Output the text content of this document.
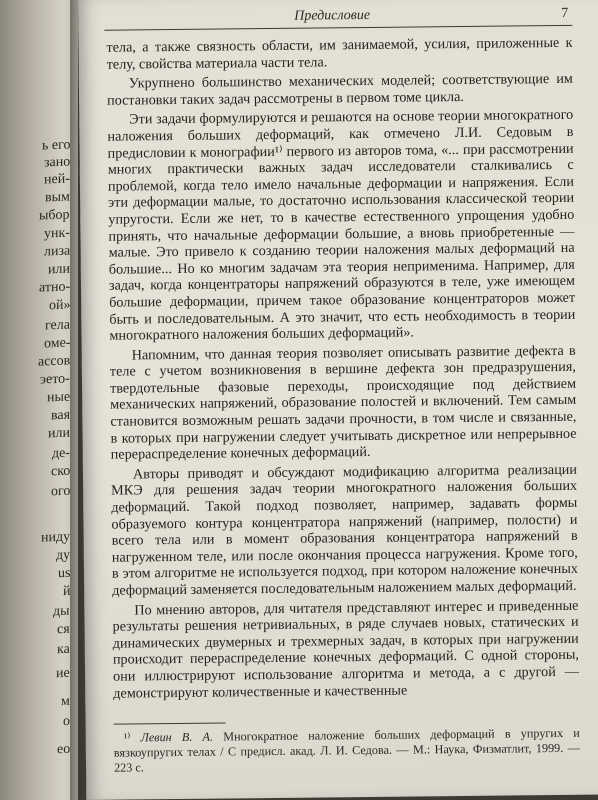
ь его
зано
ней-
вым
ыбор
унк-
лиза
или
атно-
ой»
гела
оме-
ассов
эето-
ные
вая
или
де-
ско
ого
ниду
ду
us
й
ды
ся
ка
ие
м
о
ео
Предисловие	7

тела, а также связность области, им занимаемой, усилия, приложенные к телу, свойства материала части тела.

Укрупнено большинство механических моделей; соответствующие им постановки таких задач рассмотрены в первом томе цикла.

Эти задачи формулируются и решаются на основе теории многократного наложения больших деформаций, как отмечено Л.И. Седовым в предисловии к монографии¹⁾ первого из авторов тома, «... при рассмотрении многих практически важных задач исследователи сталкивались с проблемой, когда тело имело начальные деформации и напряжения. Если эти деформации малые, то достаточно использования классической теории упругости. Если же нет, то в качестве естественного упрощения удобно принять, что начальные деформации большие, а вновь приобретенные — малые. Это привело к созданию теории наложения малых деформаций на большие... Но ко многим задачам эта теория неприменима. Например, для задач, когда концентраторы напряжений образуются в теле, уже имеющем большие деформации, причем такое образование концентраторов может быть и последовательным. А это значит, что есть необходимость в теории многократного наложения больших деформаций».

Напомним, что данная теория позволяет описывать развитие дефекта в теле с учетом возникновения в вершине дефекта зон предразрушения, твердотельные фазовые переходы, происходящие под действием механических напряжений, образование полостей и включений. Тем самым становится возможным решать задачи прочности, в том числе и связанные, в которых при нагружении следует учитывать дискретное или непрерывное перераспределение конечных деформаций.

Авторы приводят и обсуждают модификацию алгоритма реализации МКЭ для решения задач теории многократного наложения больших деформаций. Такой подход позволяет, например, задавать формы образуемого контура концентратора напряжений (например, полости) и всего тела или в момент образования концентратора напряжений в нагруженном теле, или после окончания процесса нагружения. Кроме того, в этом алгоритме не используется подход, при котором наложение конечных деформаций заменяется последовательным наложением малых деформаций.

По мнению авторов, для читателя представляют интерес и приведенные результаты решения нетривиальных, в ряде случаев новых, статических и динамических двумерных и трехмерных задач, в которых при нагружении происходит перераспределение конечных деформаций. С одной стороны, они иллюстрируют использование алгоритма и метода, а с другой — демонстрируют количественные и качественные

¹⁾ Левин В. А. Многократное наложение больших деформаций в упругих и вязкоупругих телах / С предисл. акад. Л. И. Седова. — М.: Наука, Физматлит, 1999. — 223 с.
